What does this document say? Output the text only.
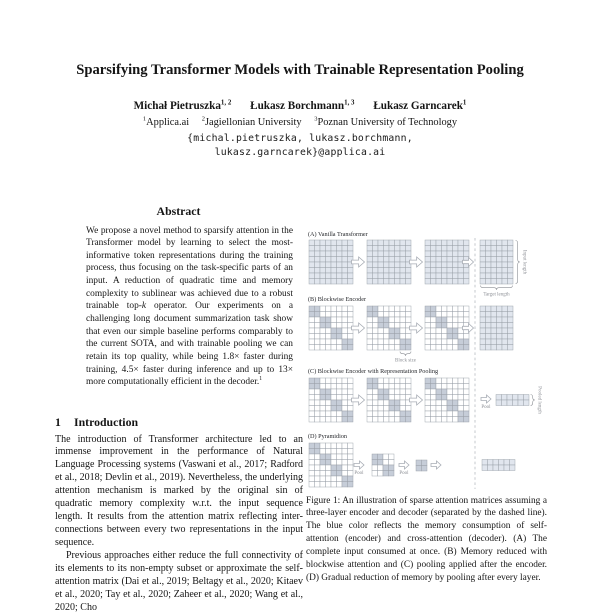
Sparsifying Transformer Models with Trainable Representation Pooling
Michał Pietruszka$^{1, 2}$ Łukasz Borchmann$^{1, 3}$ Łukasz Garncarek$^1$
$^1$Applica.ai $^2$Jagiellonian University $^3$Poznan University of Technology
{michal.pietruszka, lukasz.borchmann,
lukasz.garncarek}@applica.ai
Abstract

We propose a novel method to sparsify attention in the Transformer model by learning to select the most-informative token representations during the training process, thus focusing on the task-specific parts of an input. A reduction of quadratic time and memory complexity to sublinear was achieved due to a robust trainable top-k operator. Our experiments on a challenging long document summarization task show that even our simple baseline performs comparably to the current SOTA, and with trainable pooling we can retain its top quality, while being 1.8× faster during training, 4.5× faster during inference and up to 13× more computationally efficient in the decoder.$^1$

1 Introduction

The introduction of Transformer architecture led to an immense improvement in the performance of Natural Language Processing systems (Vaswani et al., 2017; Radford et al., 2018; Devlin et al., 2019). Nevertheless, the underlying attention mechanism is marked by the original sin of quadratic memory complexity w.r.t. the input sequence length. It results from the attention matrix reflecting inter-connections between every two representations in the input sequence.

Previous approaches either reduce the full connectivity of its elements to its non-empty subset or approximate the self-attention matrix (Dai et al., 2019; Beltagy et al., 2020; Kitaev et al., 2020; Tay et al., 2020; Zaheer et al., 2020; Wang et al., 2020; Cho

(A) Vanilla Transformer
Input length
Target length
(B) Blockwise Encoder
Block size
(C) Blockwise Encoder with Representation Pooling
Pool	Pooled length
(D) Pyramidion
Pool	Pool

Figure 1: An illustration of sparse attention matrices assuming a three-layer encoder and decoder (separated by the dashed line). The blue color reflects the memory consumption of self-attention (encoder) and cross-attention (decoder). (A) The complete input consumed at once. (B) Memory reduced with blockwise attention and (C) pooling applied after the encoder. (D) Gradual reduction of memory by pooling after every layer.
